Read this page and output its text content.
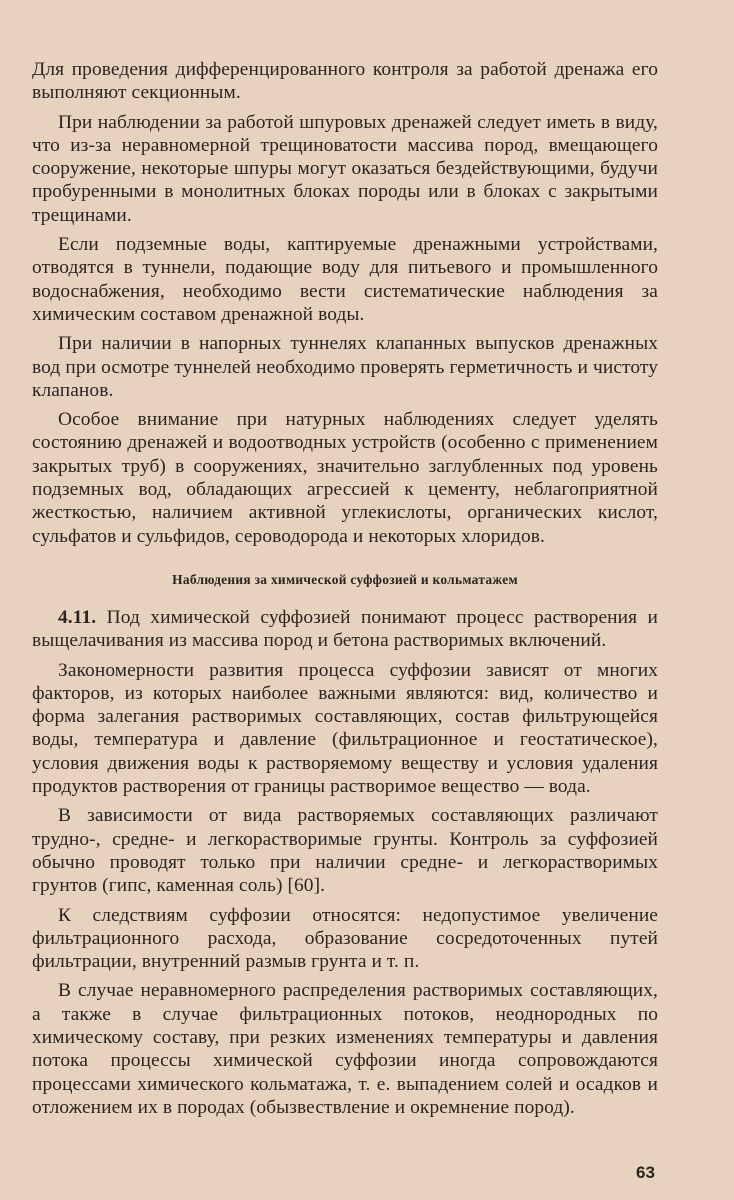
Для проведения дифференцированного контроля за работой дренажа его выполняют секционным.

При наблюдении за работой шпуровых дренажей следует иметь в виду, что из-за неравномерной трещиноватости массива пород, вмещающего сооружение, некоторые шпуры могут оказаться бездействующими, будучи пробуренными в монолитных блоках породы или в блоках с закрытыми трещинами.

Если подземные воды, каптируемые дренажными устройствами, отводятся в туннели, подающие воду для питьевого и промышленного водоснабжения, необходимо вести систематические наблюдения за химическим составом дренажной воды.

При наличии в напорных туннелях клапанных выпусков дренажных вод при осмотре туннелей необходимо проверять герметичность и чистоту клапанов.

Особое внимание при натурных наблюдениях следует уделять состоянию дренажей и водоотводных устройств (особенно с применением закрытых труб) в сооружениях, значительно заглубленных под уровень подземных вод, обладающих агрессией к цементу, неблагоприятной жесткостью, наличием активной углекислоты, органических кислот, сульфатов и сульфидов, сероводорода и некоторых хлоридов.

Наблюдения за химической суффозией и кольматажем

4.11. Под химической суффозией понимают процесс растворения и выщелачивания из массива пород и бетона растворимых включений.

Закономерности развития процесса суффозии зависят от многих факторов, из которых наиболее важными являются: вид, количество и форма залегания растворимых составляющих, состав фильтрующейся воды, температура и давление (фильтрационное и геостатическое), условия движения воды к растворяемому веществу и условия удаления продуктов растворения от границы растворимое вещество — вода.

В зависимости от вида растворяемых составляющих различают трудно-, средне- и легкорастворимые грунты. Контроль за суффозией обычно проводят только при наличии средне- и легкорастворимых грунтов (гипс, каменная соль) [60].

К следствиям суффозии относятся: недопустимое увеличение фильтрационного расхода, образование сосредоточенных путей фильтрации, внутренний размыв грунта и т. п.

В случае неравномерного распределения растворимых составляющих, а также в случае фильтрационных потоков, неоднородных по химическому составу, при резких изменениях температуры и давления потока процессы химической суффозии иногда сопровождаются процессами химического кольматажа, т. е. выпадением солей и осадков и отложением их в породах (обызвествление и окремнение пород).

63
